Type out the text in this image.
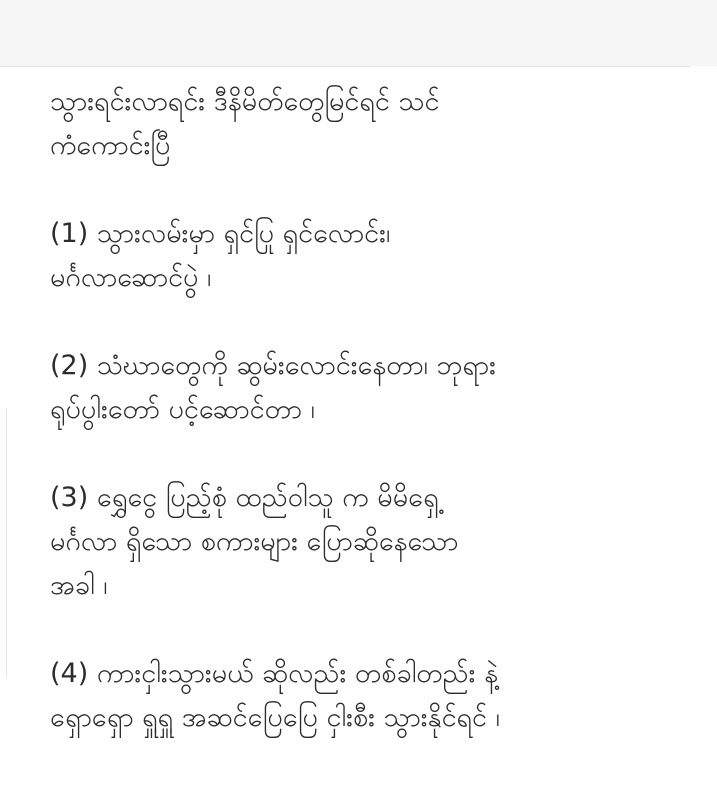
သွားရင်းလာရင်း ဒီနိမိတ်တွေမြင်ရင် သင်
ကံကောင်းပြီ

(1) သွားလမ်းမှာ ရှင်ပြု ရှင်လောင်း၊
မင်္ဂလာဆောင်ပွဲ ၊

(2) သံဃာတွေကို ဆွမ်းလောင်းနေတာ၊ ဘုရား
ရုပ်ပွါးတော် ပင့်ဆောင်တာ ၊

(3) ရွှေငွေ ပြည့်စုံ ထည်ဝါသူ က မိမိရှေ့
မင်္ဂလာ ရှိသော စကားများ ပြောဆိုနေသော
အခါ ၊

(4) ကားငှါးသွားမယ် ဆိုလည်း တစ်ခါတည်း နဲ့
ရှောရှော ရှူရှူ အဆင်ပြေပြေ ငှါးစီး သွားနိုင်ရင် ၊
